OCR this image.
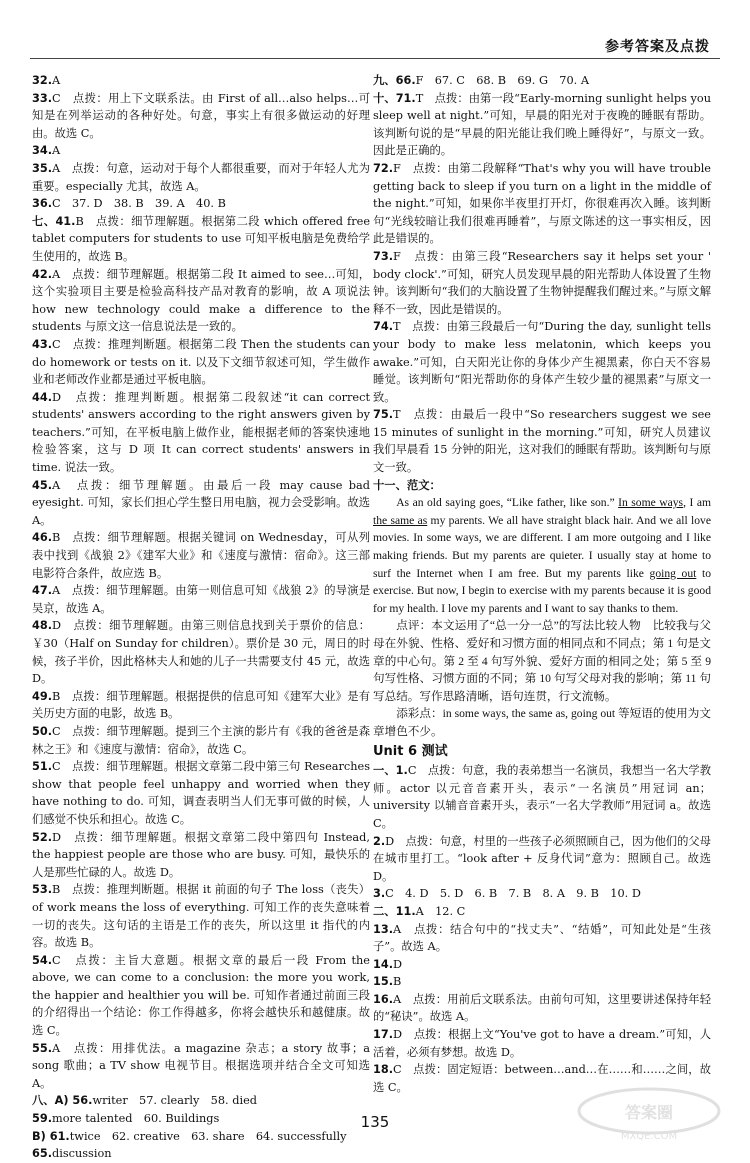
参考答案及点拨

32.A

33.C　点拨：用上下文联系法。由 First of all…also helps…可知是在列举运动的各种好处。句意，事实上有很多做运动的好理由。故选 C。

34.A

35.A　点拨：句意，运动对于每个人都很重要，而对于年轻人尤为重要。especially 尤其，故选 A。

36.C　37. D　38. B　39. A　40. B

七、41.B　点拨：细节理解题。根据第二段 which offered free tablet computers for students to use 可知平板电脑是免费给学生使用的，故选 B。

42.A　点拨：细节理解题。根据第二段 It aimed to see…可知，这个实验项目主要是检验高科技产品对教育的影响，故 A 项说法 how new technology could make a difference to the students 与原文这一信息说法是一致的。

43.C　点拨：推理判断题。根据第二段 Then the students can do homework or tests on it. 以及下文细节叙述可知，学生做作业和老师改作业都是通过平板电脑。

44.D　点拨：推理判断题。根据第二段叙述“it can correct students' answers according to the right answers given by teachers.”可知，在平板电脑上做作业，能根据老师的答案快速地检验答案，这与 D 项 It can correct students' answers in time. 说法一致。

45.A　点拨：细节理解题。由最后一段 may cause bad eyesight. 可知，家长们担心学生整日用电脑，视力会受影响。故选 A。

46.B　点拨：细节理解题。根据关键词 on Wednesday，可从列表中找到《战狼 2》《建军大业》和《速度与激情：宿命》。这三部电影符合条件，故应选 B。

47.A　点拨：细节理解题。由第一则信息可知《战狼 2》的导演是吴京，故选 A。

48.D　点拨：细节理解题。由第三则信息找到关于票价的信息：￥30（Half on Sunday for children）。票价是 30 元，周日的时候，孩子半价，因此格林夫人和她的儿子一共需要支付 45 元，故选 D。

49.B　点拨：细节理解题。根据提供的信息可知《建军大业》是有关历史方面的电影，故选 B。

50.C　点拨：细节理解题。提到三个主演的影片有《我的爸爸是森林之王》和《速度与激情：宿命》，故选 C。

51.C　点拨：细节理解题。根据文章第二段中第三句 Researches show that people feel unhappy and worried when they have nothing to do. 可知，调查表明当人们无事可做的时候，人们感觉不快乐和担心。故选 C。

52.D　点拨：细节理解题。根据文章第二段中第四句 Instead, the happiest people are those who are busy. 可知，最快乐的人是那些忙碌的人。故选 D。

53.B　点拨：推理判断题。根据 it 前面的句子 The loss（丧失）of work means the loss of everything. 可知工作的丧失意味着一切的丧失。这句话的主语是工作的丧失，所以这里 it 指代的内容。故选 B。

54.C　点拨：主旨大意题。根据文章的最后一段 From the above, we can come to a conclusion: the more you work, the happier and healthier you will be. 可知作者通过前面三段的介绍得出一个结论：你工作得越多，你将会越快乐和越健康。故选 C。

55.A　点拨：用排优法。a magazine 杂志；a story 故事；a song 歌曲；a TV show 电视节目。根据选项并结合全文可知选 A。

八、A) 56.writer　57. clearly　58. died

59.more talented　60. Buildings

B) 61.twice　62. creative　63. share　64. successfully

65.discussion

九、66.F　67. C　68. B　69. G　70. A

十、71.T　点拨：由第一段“Early-morning sunlight helps you sleep well at night.”可知，早晨的阳光对于夜晚的睡眠有帮助。该判断句说的是“早晨的阳光能让我们晚上睡得好”，与原文一致。因此是正确的。

72.F　点拨：由第二段解释“That's why you will have trouble getting back to sleep if you turn on a light in the middle of the night.”可知，如果你半夜里打开灯，你很难再次入睡。该判断句“光线较暗让我们很难再睡着”，与原文陈述的这一事实相反，因此是错误的。

73.F　点拨：由第三段“Researchers say it helps set your ' body clock'.”可知，研究人员发现早晨的阳光帮助人体设置了生物钟。该判断句“我们的大脑设置了生物钟提醒我们醒过来。”与原文解释不一致，因此是错误的。

74.T　点拨：由第三段最后一句“During the day, sunlight tells your body to make less melatonin, which keeps you awake.”可知，白天阳光让你的身体少产生褪黑素，你白天不容易睡觉。该判断句“阳光帮助你的身体产生较少量的褪黑素”与原文一致。

75.T　点拨：由最后一段中“So researchers suggest we see 15 minutes of sunlight in the morning.”可知，研究人员建议我们早晨看 15 分钟的阳光，这对我们的睡眠有帮助。该判断句与原文一致。

十一、范文：

As an old saying goes, “Like father, like son.” In some ways, I am the same as my parents. We all have straight black hair. And we all love movies. In some ways, we are different. I am more outgoing and I like making friends. But my parents are quieter. I usually stay at home to surf the Internet when I am free. But my parents like going out to exercise. But now, I begin to exercise with my parents because it is good for my health. I love my parents and I want to say thanks to them.

点评：本文运用了“总一分一总”的写法比较人物　比较我与父母在外貌、性格、爱好和习惯方面的相同点和不同点；第 1 句是文章的中心句。第 2 至 4 句写外貌、爱好方面的相同之处；第 5 至 9 句写性格、习惯方面的不同；第 10 句写父母对我的影响；第 11 句写总结。写作思路清晰，语句连贯，行文流畅。

添彩点：in some ways, the same as, going out 等短语的使用为文章增色不少。

Unit 6 测试

一、1.C　点拨：句意，我的表弟想当一名演员，我想当一名大学教师。actor 以元音音素开头，表示“一名演员”用冠词 an；university 以辅音音素开头，表示“一名大学教师”用冠词 a。故选 C。

2.D　点拨：句意，村里的一些孩子必须照顾自己，因为他们的父母在城市里打工。“look after + 反身代词”意为：照顾自己。故选 D。

3.C　4. D　5. D　6. B　7. B　8. A　9. B　10. D

二、11.A　12. C

13.A　点拨：结合句中的“找丈夫”、“结婚”，可知此处是“生孩子”。故选 A。

14.D

15.B

16.A　点拨：用前后文联系法。由前句可知，这里要讲述保持年轻的“秘诀”。故选 A。

17.D　点拨：根据上文“You've got to have a dream.”可知，人活着，必须有梦想。故选 D。

18.C　点拨：固定短语：between…and…在……和……之间，故选 C。

135	答案圈
MXQE.COM
